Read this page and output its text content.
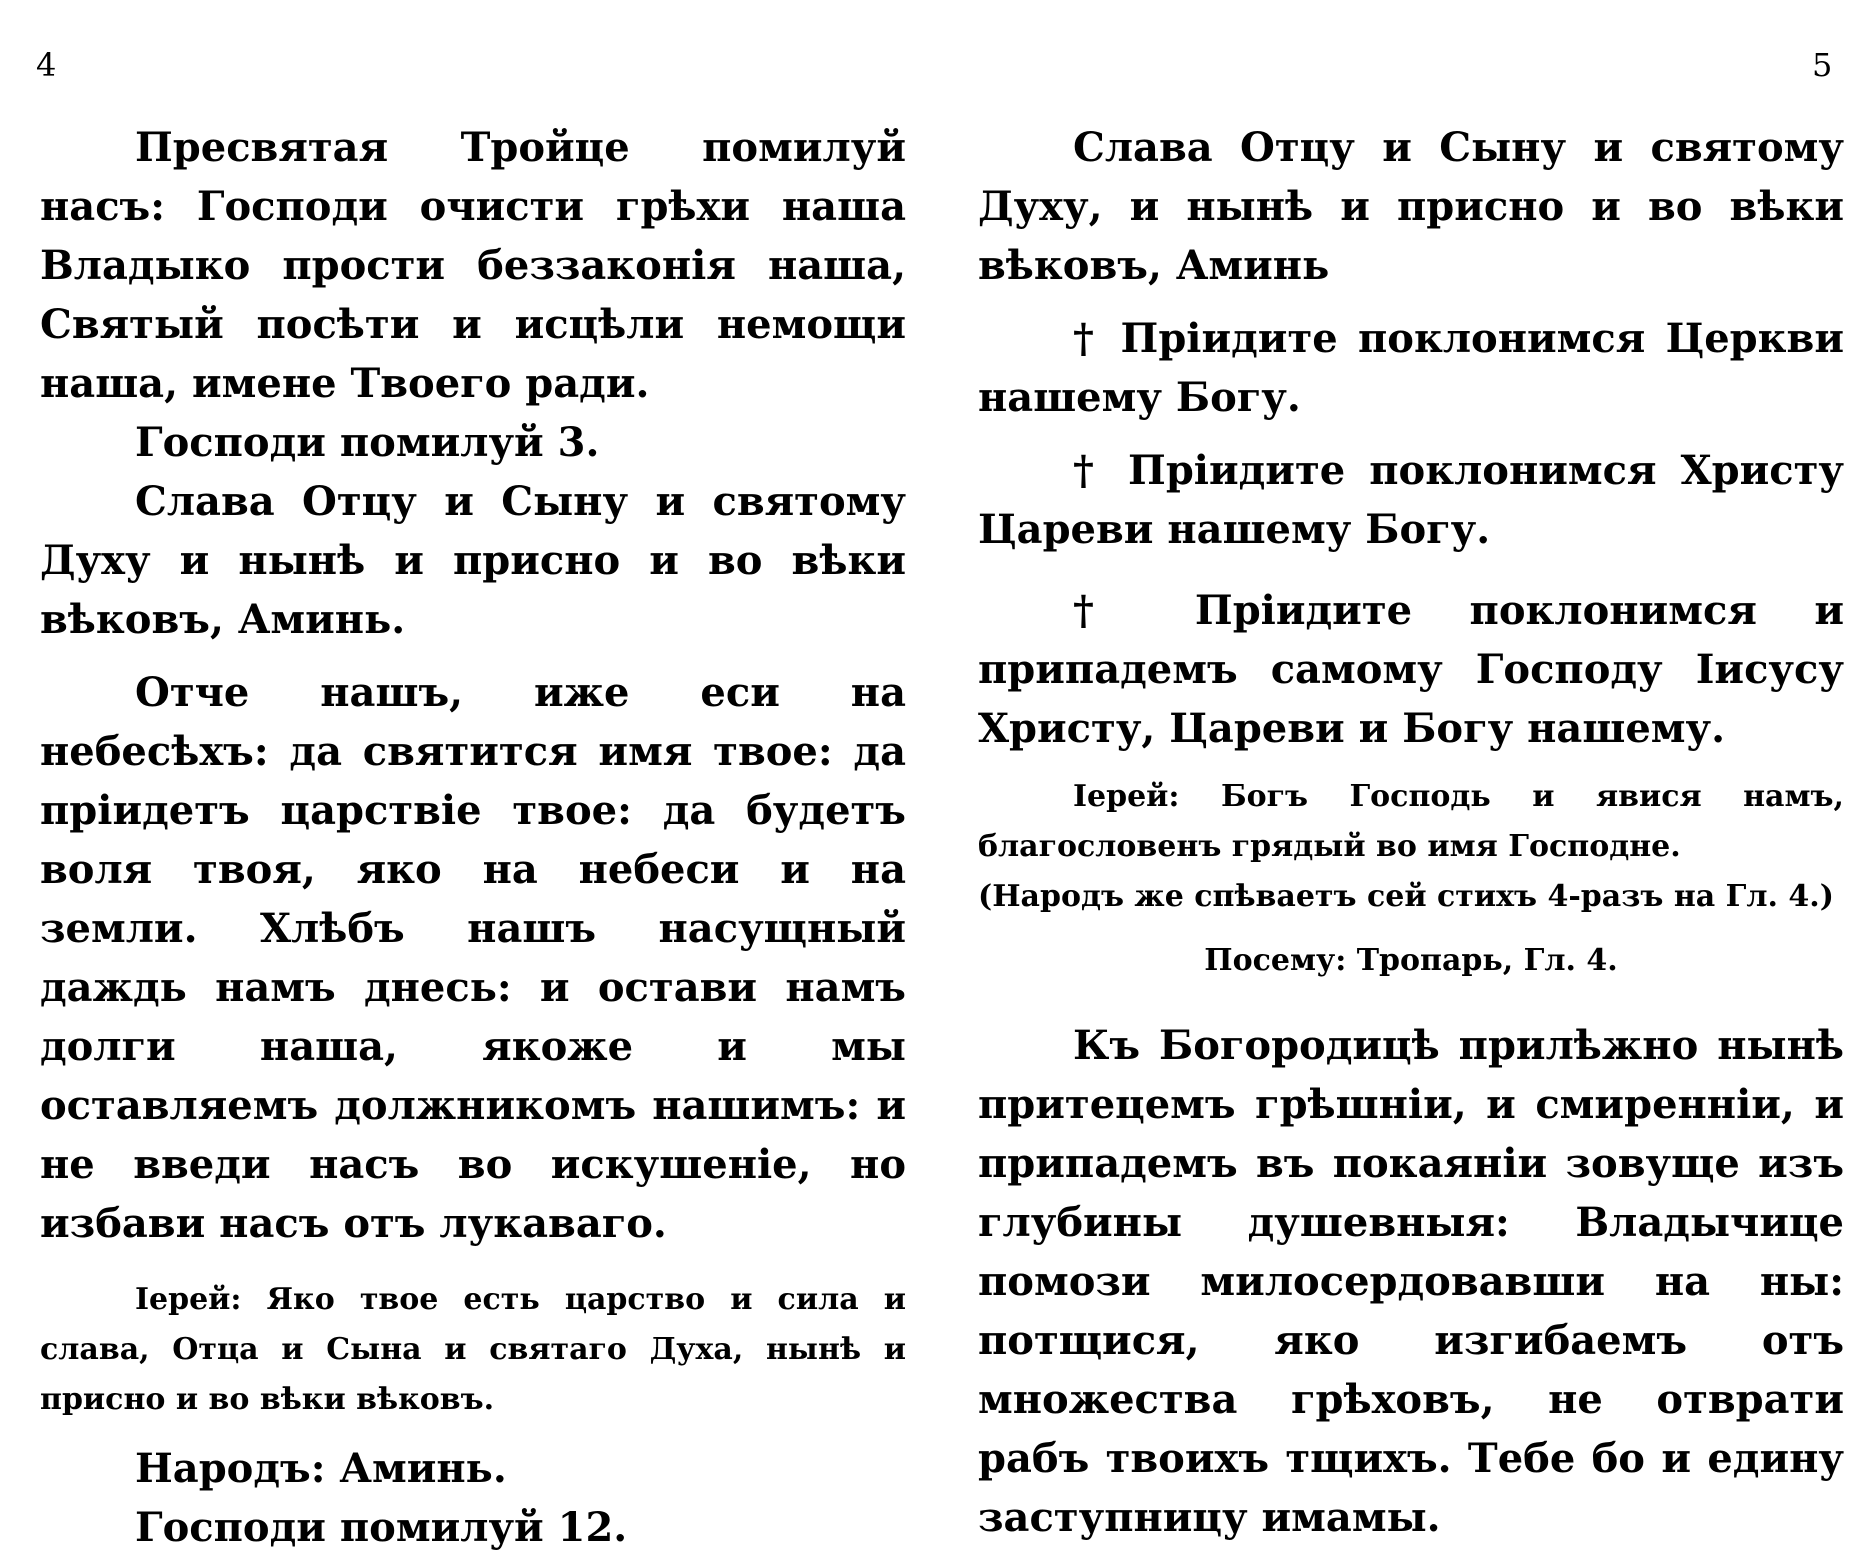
4	5

Пресвятая Тройце помилуй насъ: Господи очисти грѣхи наша Владыко прости беззаконія наша, Святый посѣти и исцѣли немощи наша, имене Твоего ради.

Господи помилуй 3.

Слава Отцу и Сыну и святому Духу и нынѣ и присно и во вѣки вѣковъ, Аминь.

Отче нашъ, иже еси на небесѣхъ: да святится имя твое: да пріидетъ царствіе твое: да будетъ воля твоя, яко на небеси и на земли. Хлѣбъ нашъ насущный даждь намъ днесь: и остави намъ долги наша, якоже и мы оставляемъ должникомъ нашимъ: и не введи насъ во искушеніе, но избави насъ отъ лукаваго.

Іерей: Яко твое есть царство и сила и слава, Отца и Сына и святаго Духа, нынѣ и присно и во вѣки вѣковъ.

Народъ: Аминь.

Господи помилуй 12.

Слава Отцу и Сыну и святому Духу, и нынѣ и присно и во вѣки вѣковъ, Аминь

† Пріидите поклонимся Церкви нашему Богу.

† Пріидите поклонимся Христу Цареви нашему Богу.

† Пріидите поклонимся и припадемъ самому Господу Іисусу Христу, Цареви и Богу нашему.

Іерей: Богъ Господь и явися намъ, благословенъ грядый во имя Господне.

(Народъ же спѣваетъ сей стихъ 4-разъ на Гл. 4.)

Посему: Тропарь, Гл. 4.

Къ Богородицѣ прилѣжно нынѣ притецемъ грѣшніи, и смиренніи, и припадемъ въ покаяніи зовуще изъ глубины душевныя: Владычице помози милосердовавши на ны: потщися, яко изгибаемъ отъ множества грѣховъ, не отврати рабъ твоихъ тщихъ. Тебе бо и едину заступницу имамы.
